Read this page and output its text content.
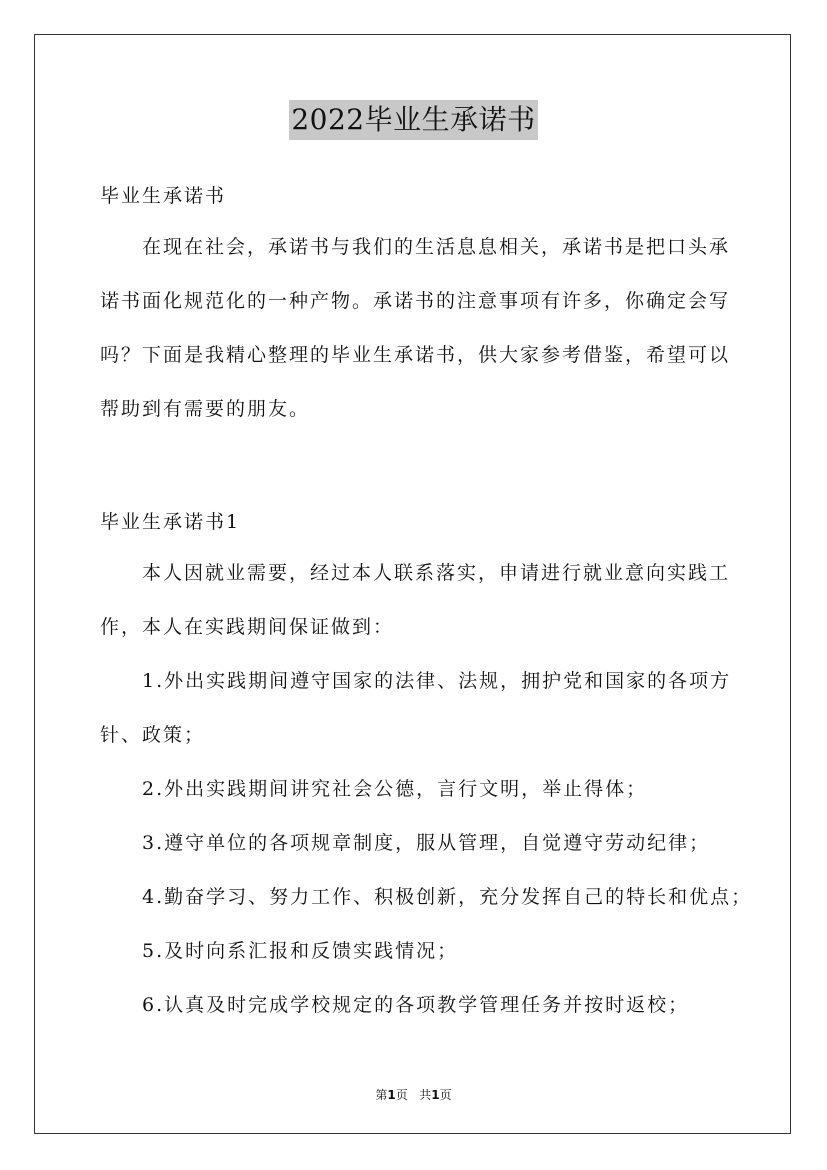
2022毕业生承诺书
毕业生承诺书
在现在社会，承诺书与我们的生活息息相关，承诺书是把口头承
诺书面化规范化的一种产物。承诺书的注意事项有许多，你确定会写
吗？下面是我精心整理的毕业生承诺书，供大家参考借鉴，希望可以
帮助到有需要的朋友。
毕业生承诺书1
本人因就业需要，经过本人联系落实，申请进行就业意向实践工
作，本人在实践期间保证做到：
1.外出实践期间遵守国家的法律、法规，拥护党和国家的各项方
针、政策；
2.外出实践期间讲究社会公德，言行文明，举止得体；
3.遵守单位的各项规章制度，服从管理，自觉遵守劳动纪律；
4.勤奋学习、努力工作、积极创新，充分发挥自己的特长和优点；
5.及时向系汇报和反馈实践情况；
6.认真及时完成学校规定的各项教学管理任务并按时返校；
第1页 共1页
